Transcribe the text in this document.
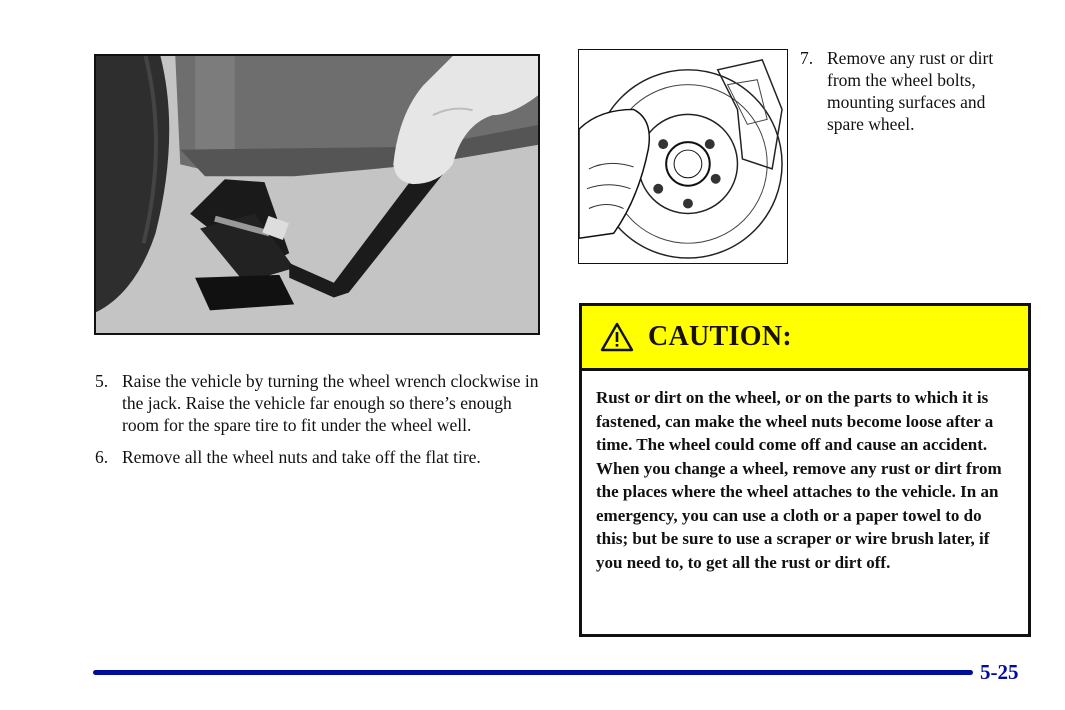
5. Raise the vehicle by turning the wheel wrench clockwise in the jack. Raise the vehicle far enough so there’s enough room for the spare tire to fit under the wheel well.
6. Remove all the wheel nuts and take off the flat tire.
7. Remove any rust or dirt from the wheel bolts, mounting surfaces and spare wheel.
CAUTION:
Rust or dirt on the wheel, or on the parts to which it is fastened, can make the wheel nuts become loose after a time. The wheel could come off and cause an accident. When you change a wheel, remove any rust or dirt from the places where the wheel attaches to the vehicle. In an emergency, you can use a cloth or a paper towel to do this; but be sure to use a scraper or wire brush later, if you need to, to get all the rust or dirt off.
5-25
